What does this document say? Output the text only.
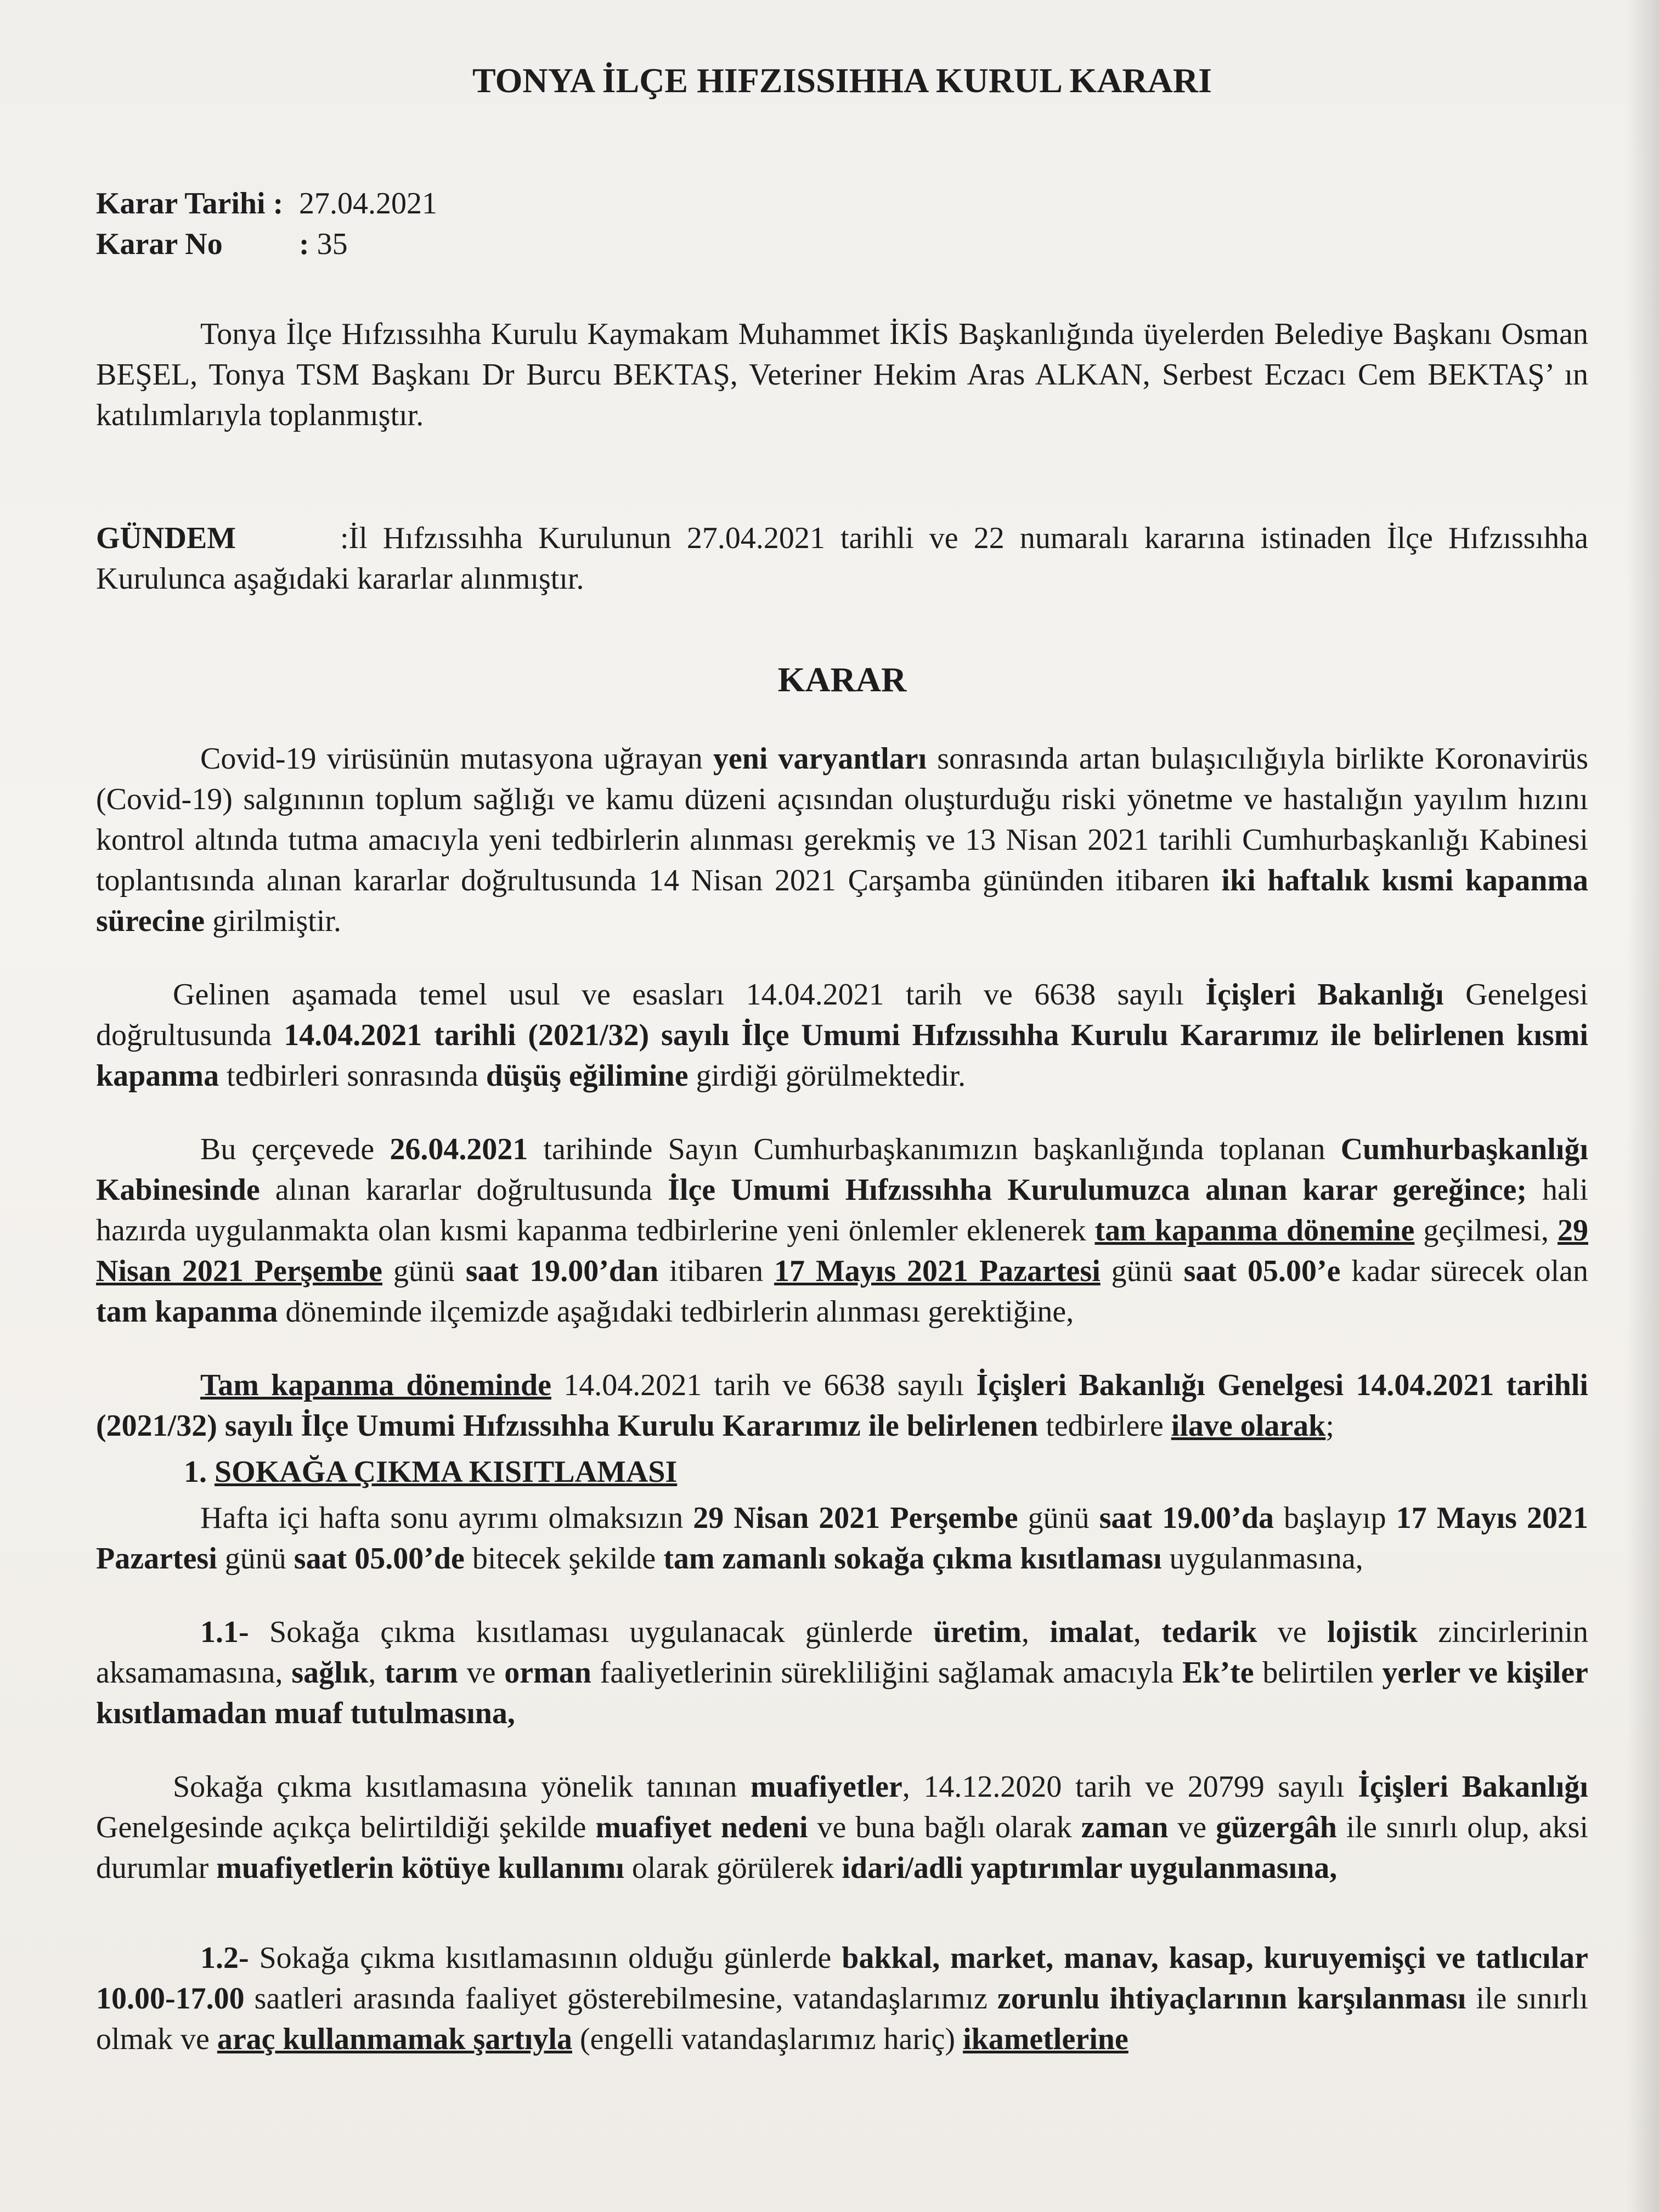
TONYA İLÇE HIFZISSIHHA KURUL KARARI
Karar Tarihi : 27.04.2021
Karar No : 35

Tonya İlçe Hıfzıssıhha Kurulu Kaymakam Muhammet İKİS Başkanlığında üyelerden Belediye Başkanı Osman BEŞEL, Tonya TSM Başkanı Dr Burcu BEKTAŞ, Veteriner Hekim Aras ALKAN, Serbest Eczacı Cem BEKTAŞ’ ın katılımlarıyla toplanmıştır.

GÜNDEM	:İl Hıfzıssıhha Kurulunun 27.04.2021 tarihli ve 22 numaralı kararına istinaden İlçe Hıfzıssıhha Kurulunca aşağıdaki kararlar alınmıştır.

KARAR

Covid-19 virüsünün mutasyona uğrayan yeni varyantları sonrasında artan bulaşıcılığıyla birlikte Koronavirüs (Covid-19) salgınının toplum sağlığı ve kamu düzeni açısından oluşturduğu riski yönetme ve hastalığın yayılım hızını kontrol altında tutma amacıyla yeni tedbirlerin alınması gerekmiş ve 13 Nisan 2021 tarihli Cumhurbaşkanlığı Kabinesi toplantısında alınan kararlar doğrultusunda 14 Nisan 2021 Çarşamba gününden itibaren iki haftalık kısmi kapanma sürecine girilmiştir.

Gelinen aşamada temel usul ve esasları 14.04.2021 tarih ve 6638 sayılı İçişleri Bakanlığı Genelgesi doğrultusunda 14.04.2021 tarihli (2021/32) sayılı İlçe Umumi Hıfzıssıhha Kurulu Kararımız ile belirlenen kısmi kapanma tedbirleri sonrasında düşüş eğilimine girdiği görülmektedir.

Bu çerçevede 26.04.2021 tarihinde Sayın Cumhurbaşkanımızın başkanlığında toplanan Cumhurbaşkanlığı Kabinesinde alınan kararlar doğrultusunda İlçe Umumi Hıfzıssıhha Kurulumuzca alınan karar gereğince; hali hazırda uygulanmakta olan kısmi kapanma tedbirlerine yeni önlemler eklenerek tam kapanma dönemine geçilmesi, 29 Nisan 2021 Perşembe günü saat 19.00’dan itibaren 17 Mayıs 2021 Pazartesi günü saat 05.00’e kadar sürecek olan tam kapanma döneminde ilçemizde aşağıdaki tedbirlerin alınması gerektiğine,

Tam kapanma döneminde 14.04.2021 tarih ve 6638 sayılı İçişleri Bakanlığı Genelgesi 14.04.2021 tarihli (2021/32) sayılı İlçe Umumi Hıfzıssıhha Kurulu Kararımız ile belirlenen tedbirlere ilave olarak;

1. SOKAĞA ÇIKMA KISITLAMASI

Hafta içi hafta sonu ayrımı olmaksızın 29 Nisan 2021 Perşembe günü saat 19.00’da başlayıp 17 Mayıs 2021 Pazartesi günü saat 05.00’de bitecek şekilde tam zamanlı sokağa çıkma kısıtlaması uygulanmasına,

1.1- Sokağa çıkma kısıtlaması uygulanacak günlerde üretim, imalat, tedarik ve lojistik zincirlerinin aksamamasına, sağlık, tarım ve orman faaliyetlerinin sürekliliğini sağlamak amacıyla Ek’te belirtilen yerler ve kişiler kısıtlamadan muaf tutulmasına,

Sokağa çıkma kısıtlamasına yönelik tanınan muafiyetler, 14.12.2020 tarih ve 20799 sayılı İçişleri Bakanlığı Genelgesinde açıkça belirtildiği şekilde muafiyet nedeni ve buna bağlı olarak zaman ve güzergâh ile sınırlı olup, aksi durumlar muafiyetlerin kötüye kullanımı olarak görülerek idari/adli yaptırımlar uygulanmasına,

1.2- Sokağa çıkma kısıtlamasının olduğu günlerde bakkal, market, manav, kasap, kuruyemişçi ve tatlıcılar 10.00-17.00 saatleri arasında faaliyet gösterebilmesine, vatandaşlarımız zorunlu ihtiyaçlarının karşılanması ile sınırlı olmak ve araç kullanmamak şartıyla (engelli vatandaşlarımız hariç) ikametlerine
